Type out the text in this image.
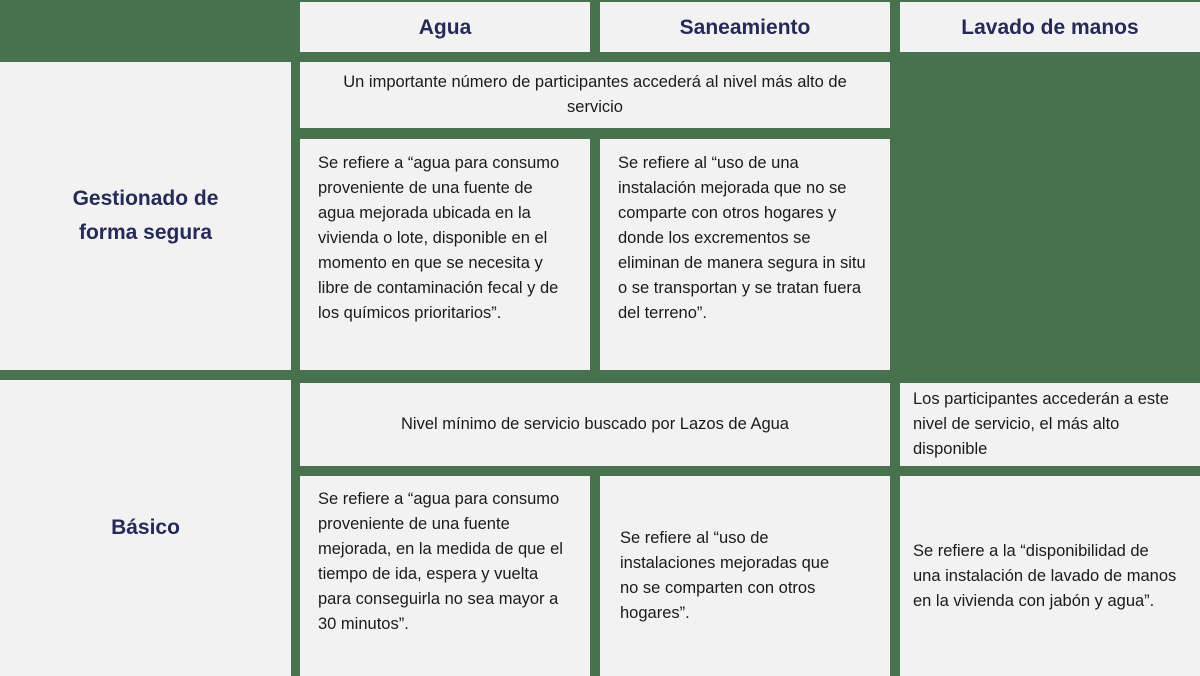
Agua	Saneamiento	Lavado de manos
Gestionado de
forma segura
Un importante número de participantes accederá al nivel más alto de servicio
Se refiere a “agua para consumo proveniente de una fuente de agua mejorada ubicada en la vivienda o lote, disponible en el momento en que se necesita y libre de contaminación fecal y de los químicos prioritarios”.
Se refiere al “uso de una instalación mejorada que no se comparte con otros hogares y donde los excrementos se eliminan de manera segura in situ o se transportan y se tratan fuera del terreno”.
Básico
Nivel mínimo de servicio buscado por Lazos de Agua
Los participantes accederán a este nivel de servicio, el más alto disponible
Se refiere a “agua para consumo proveniente de una fuente mejorada, en la medida de que el tiempo de ida, espera y vuelta para conseguirla no sea mayor a 30 minutos”.
Se refiere al “uso de instalaciones mejoradas que no se comparten con otros hogares”.
Se refiere a la “disponibilidad de una instalación de lavado de manos en la vivienda con jabón y agua”.
